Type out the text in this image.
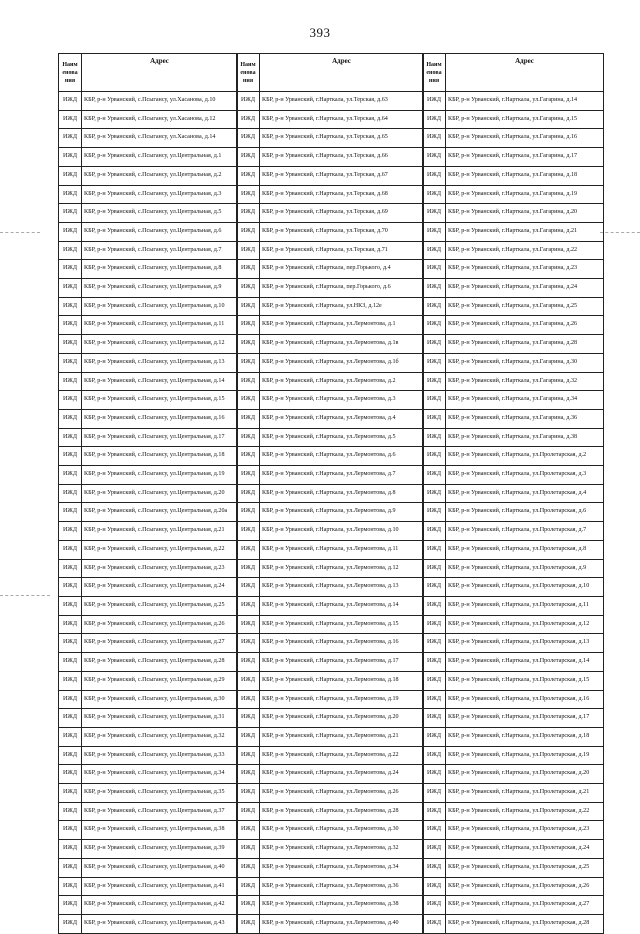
393
Наим енова ния	Адрес
ИЖД	КБР, р-н Урванский, с.Псыгансу, ул.Хасанова, д.10
ИЖД	КБР, р-н Урванский, с.Псыгансу, ул.Хасанова, д.12
ИЖД	КБР, р-н Урванский, с.Псыгансу, ул.Хасанова, д.14
ИЖД	КБР, р-н Урванский, с.Псыгансу, ул.Центральная, д.1
ИЖД	КБР, р-н Урванский, с.Псыгансу, ул.Центральная, д.2
ИЖД	КБР, р-н Урванский, с.Псыгансу, ул.Центральная, д.3
ИЖД	КБР, р-н Урванский, с.Псыгансу, ул.Центральная, д.5
ИЖД	КБР, р-н Урванский, с.Псыгансу, ул.Центральная, д.6
ИЖД	КБР, р-н Урванский, с.Псыгансу, ул.Центральная, д.7
ИЖД	КБР, р-н Урванский, с.Псыгансу, ул.Центральная, д.8
ИЖД	КБР, р-н Урванский, с.Псыгансу, ул.Центральная, д.9
ИЖД	КБР, р-н Урванский, с.Псыгансу, ул.Центральная, д.10
ИЖД	КБР, р-н Урванский, с.Псыгансу, ул.Центральная, д.11
ИЖД	КБР, р-н Урванский, с.Псыгансу, ул.Центральная, д.12
ИЖД	КБР, р-н Урванский, с.Псыгансу, ул.Центральная, д.13
ИЖД	КБР, р-н Урванский, с.Псыгансу, ул.Центральная, д.14
ИЖД	КБР, р-н Урванский, с.Псыгансу, ул.Центральная, д.15
ИЖД	КБР, р-н Урванский, с.Псыгансу, ул.Центральная, д.16
ИЖД	КБР, р-н Урванский, с.Псыгансу, ул.Центральная, д.17
ИЖД	КБР, р-н Урванский, с.Псыгансу, ул.Центральная, д.18
ИЖД	КБР, р-н Урванский, с.Псыгансу, ул.Центральная, д.19
ИЖД	КБР, р-н Урванский, с.Псыгансу, ул.Центральная, д.20
ИЖД	КБР, р-н Урванский, с.Псыгансу, ул.Центральная, д.20а
ИЖД	КБР, р-н Урванский, с.Псыгансу, ул.Центральная, д.21
ИЖД	КБР, р-н Урванский, с.Псыгансу, ул.Центральная, д.22
ИЖД	КБР, р-н Урванский, с.Псыгансу, ул.Центральная, д.23
ИЖД	КБР, р-н Урванский, с.Псыгансу, ул.Центральная, д.24
ИЖД	КБР, р-н Урванский, с.Псыгансу, ул.Центральная, д.25
ИЖД	КБР, р-н Урванский, с.Псыгансу, ул.Центральная, д.26
ИЖД	КБР, р-н Урванский, с.Псыгансу, ул.Центральная, д.27
ИЖД	КБР, р-н Урванский, с.Псыгансу, ул.Центральная, д.28
ИЖД	КБР, р-н Урванский, с.Псыгансу, ул.Центральная, д.29
ИЖД	КБР, р-н Урванский, с.Псыгансу, ул.Центральная, д.30
ИЖД	КБР, р-н Урванский, с.Псыгансу, ул.Центральная, д.31
ИЖД	КБР, р-н Урванский, с.Псыгансу, ул.Центральная, д.32
ИЖД	КБР, р-н Урванский, с.Псыгансу, ул.Центральная, д.33
ИЖД	КБР, р-н Урванский, с.Псыгансу, ул.Центральная, д.34
ИЖД	КБР, р-н Урванский, с.Псыгансу, ул.Центральная, д.35
ИЖД	КБР, р-н Урванский, с.Псыгансу, ул.Центральная, д.37
ИЖД	КБР, р-н Урванский, с.Псыгансу, ул.Центральная, д.38
ИЖД	КБР, р-н Урванский, с.Псыгансу, ул.Центральная, д.39
ИЖД	КБР, р-н Урванский, с.Псыгансу, ул.Центральная, д.40
ИЖД	КБР, р-н Урванский, с.Псыгансу, ул.Центральная, д.41
ИЖД	КБР, р-н Урванский, с.Псыгансу, ул.Центральная, д.42
ИЖД	КБР, р-н Урванский, с.Псыгансу, ул.Центральная, д.43
Наим енова ния	Адрес
ИЖД	КБР, р-н Урванский, г.Нарткала, ул.Терская, д.63
ИЖД	КБР, р-н Урванский, г.Нарткала, ул.Терская, д.64
ИЖД	КБР, р-н Урванский, г.Нарткала, ул.Терская, д.65
ИЖД	КБР, р-н Урванский, г.Нарткала, ул.Терская, д.66
ИЖД	КБР, р-н Урванский, г.Нарткала, ул.Терская, д.67
ИЖД	КБР, р-н Урванский, г.Нарткала, ул.Терская, д.68
ИЖД	КБР, р-н Урванский, г.Нарткала, ул.Терская, д.69
ИЖД	КБР, р-н Урванский, г.Нарткала, ул.Терская, д.70
ИЖД	КБР, р-н Урванский, г.Нарткала, ул.Терская, д.71
ИЖД	КБР, р-н Урванский, г.Нарткала, пер.Горького, д.4
ИЖД	КБР, р-н Урванский, г.Нарткала, пер.Горького, д.6
ИЖД	КБР, р-н Урванский, г.Нарткала, ул.НКЗ, д.12е
ИЖД	КБР, р-н Урванский, г.Нарткала, ул.Лермонтова, д.1
ИЖД	КБР, р-н Урванский, г.Нарткала, ул.Лермонтова, д.1в
ИЖД	КБР, р-н Урванский, г.Нарткала, ул.Лермонтова, д.1б
ИЖД	КБР, р-н Урванский, г.Нарткала, ул.Лермонтова, д.2
ИЖД	КБР, р-н Урванский, г.Нарткала, ул.Лермонтова, д.3
ИЖД	КБР, р-н Урванский, г.Нарткала, ул.Лермонтова, д.4
ИЖД	КБР, р-н Урванский, г.Нарткала, ул.Лермонтова, д.5
ИЖД	КБР, р-н Урванский, г.Нарткала, ул.Лермонтова, д.6
ИЖД	КБР, р-н Урванский, г.Нарткала, ул.Лермонтова, д.7
ИЖД	КБР, р-н Урванский, г.Нарткала, ул.Лермонтова, д.8
ИЖД	КБР, р-н Урванский, г.Нарткала, ул.Лермонтова, д.9
ИЖД	КБР, р-н Урванский, г.Нарткала, ул.Лермонтова, д.10
ИЖД	КБР, р-н Урванский, г.Нарткала, ул.Лермонтова, д.11
ИЖД	КБР, р-н Урванский, г.Нарткала, ул.Лермонтова, д.12
ИЖД	КБР, р-н Урванский, г.Нарткала, ул.Лермонтова, д.13
ИЖД	КБР, р-н Урванский, г.Нарткала, ул.Лермонтова, д.14
ИЖД	КБР, р-н Урванский, г.Нарткала, ул.Лермонтова, д.15
ИЖД	КБР, р-н Урванский, г.Нарткала, ул.Лермонтова, д.16
ИЖД	КБР, р-н Урванский, г.Нарткала, ул.Лермонтова, д.17
ИЖД	КБР, р-н Урванский, г.Нарткала, ул.Лермонтова, д.18
ИЖД	КБР, р-н Урванский, г.Нарткала, ул.Лермонтова, д.19
ИЖД	КБР, р-н Урванский, г.Нарткала, ул.Лермонтова, д.20
ИЖД	КБР, р-н Урванский, г.Нарткала, ул.Лермонтова, д.21
ИЖД	КБР, р-н Урванский, г.Нарткала, ул.Лермонтова, д.22
ИЖД	КБР, р-н Урванский, г.Нарткала, ул.Лермонтова, д.24
ИЖД	КБР, р-н Урванский, г.Нарткала, ул.Лермонтова, д.26
ИЖД	КБР, р-н Урванский, г.Нарткала, ул.Лермонтова, д.28
ИЖД	КБР, р-н Урванский, г.Нарткала, ул.Лермонтова, д.30
ИЖД	КБР, р-н Урванский, г.Нарткала, ул.Лермонтова, д.32
ИЖД	КБР, р-н Урванский, г.Нарткала, ул.Лермонтова, д.34
ИЖД	КБР, р-н Урванский, г.Нарткала, ул.Лермонтова, д.36
ИЖД	КБР, р-н Урванский, г.Нарткала, ул.Лермонтова, д.38
ИЖД	КБР, р-н Урванский, г.Нарткала, ул.Лермонтова, д.40
Наим енова ния	Адрес
ИЖД	КБР, р-н Урванский, г.Нарткала, ул.Гагарина, д.14
ИЖД	КБР, р-н Урванский, г.Нарткала, ул.Гагарина, д.15
ИЖД	КБР, р-н Урванский, г.Нарткала, ул.Гагарина, д.16
ИЖД	КБР, р-н Урванский, г.Нарткала, ул.Гагарина, д.17
ИЖД	КБР, р-н Урванский, г.Нарткала, ул.Гагарина, д.18
ИЖД	КБР, р-н Урванский, г.Нарткала, ул.Гагарина, д.19
ИЖД	КБР, р-н Урванский, г.Нарткала, ул.Гагарина, д.20
ИЖД	КБР, р-н Урванский, г.Нарткала, ул.Гагарина, д.21
ИЖД	КБР, р-н Урванский, г.Нарткала, ул.Гагарина, д.22
ИЖД	КБР, р-н Урванский, г.Нарткала, ул.Гагарина, д.23
ИЖД	КБР, р-н Урванский, г.Нарткала, ул.Гагарина, д.24
ИЖД	КБР, р-н Урванский, г.Нарткала, ул.Гагарина, д.25
ИЖД	КБР, р-н Урванский, г.Нарткала, ул.Гагарина, д.26
ИЖД	КБР, р-н Урванский, г.Нарткала, ул.Гагарина, д.28
ИЖД	КБР, р-н Урванский, г.Нарткала, ул.Гагарина, д.30
ИЖД	КБР, р-н Урванский, г.Нарткала, ул.Гагарина, д.32
ИЖД	КБР, р-н Урванский, г.Нарткала, ул.Гагарина, д.34
ИЖД	КБР, р-н Урванский, г.Нарткала, ул.Гагарина, д.36
ИЖД	КБР, р-н Урванский, г.Нарткала, ул.Гагарина, д.38
ИЖД	КБР, р-н Урванский, г.Нарткала, ул.Пролетарская, д.2
ИЖД	КБР, р-н Урванский, г.Нарткала, ул.Пролетарская, д.3
ИЖД	КБР, р-н Урванский, г.Нарткала, ул.Пролетарская, д.4
ИЖД	КБР, р-н Урванский, г.Нарткала, ул.Пролетарская, д.6
ИЖД	КБР, р-н Урванский, г.Нарткала, ул.Пролетарская, д.7
ИЖД	КБР, р-н Урванский, г.Нарткала, ул.Пролетарская, д.8
ИЖД	КБР, р-н Урванский, г.Нарткала, ул.Пролетарская, д.9
ИЖД	КБР, р-н Урванский, г.Нарткала, ул.Пролетарская, д.10
ИЖД	КБР, р-н Урванский, г.Нарткала, ул.Пролетарская, д.11
ИЖД	КБР, р-н Урванский, г.Нарткала, ул.Пролетарская, д.12
ИЖД	КБР, р-н Урванский, г.Нарткала, ул.Пролетарская, д.13
ИЖД	КБР, р-н Урванский, г.Нарткала, ул.Пролетарская, д.14
ИЖД	КБР, р-н Урванский, г.Нарткала, ул.Пролетарская, д.15
ИЖД	КБР, р-н Урванский, г.Нарткала, ул.Пролетарская, д.16
ИЖД	КБР, р-н Урванский, г.Нарткала, ул.Пролетарская, д.17
ИЖД	КБР, р-н Урванский, г.Нарткала, ул.Пролетарская, д.18
ИЖД	КБР, р-н Урванский, г.Нарткала, ул.Пролетарская, д.19
ИЖД	КБР, р-н Урванский, г.Нарткала, ул.Пролетарская, д.20
ИЖД	КБР, р-н Урванский, г.Нарткала, ул.Пролетарская, д.21
ИЖД	КБР, р-н Урванский, г.Нарткала, ул.Пролетарская, д.22
ИЖД	КБР, р-н Урванский, г.Нарткала, ул.Пролетарская, д.23
ИЖД	КБР, р-н Урванский, г.Нарткала, ул.Пролетарская, д.24
ИЖД	КБР, р-н Урванский, г.Нарткала, ул.Пролетарская, д.25
ИЖД	КБР, р-н Урванский, г.Нарткала, ул.Пролетарская, д.26
ИЖД	КБР, р-н Урванский, г.Нарткала, ул.Пролетарская, д.27
ИЖД	КБР, р-н Урванский, г.Нарткала, ул.Пролетарская, д.28
